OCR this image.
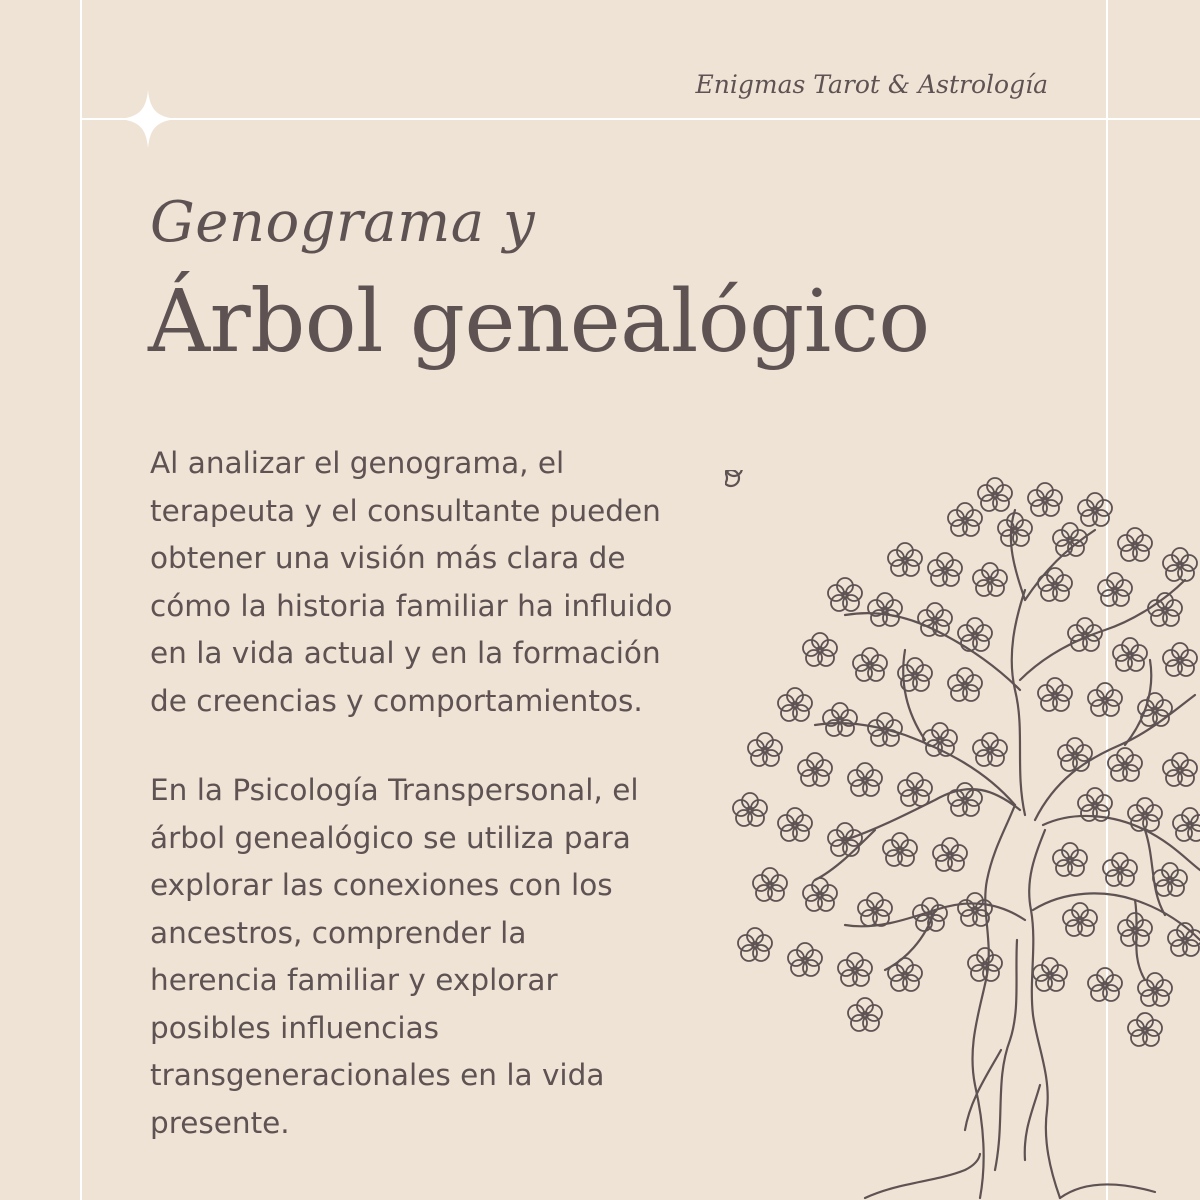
Enigmas Tarot & Astrología
Genograma y
Árbol genealógico

Al analizar el genograma, el
terapeuta y el consultante pueden
obtener una visión más clara de
cómo la historia familiar ha influido
en la vida actual y en la formación
de creencias y comportamientos.

En la Psicología Transpersonal, el
árbol genealógico se utiliza para
explorar las conexiones con los
ancestros, comprender la
herencia familiar y explorar
posibles influencias
transgeneracionales en la vida
presente.
